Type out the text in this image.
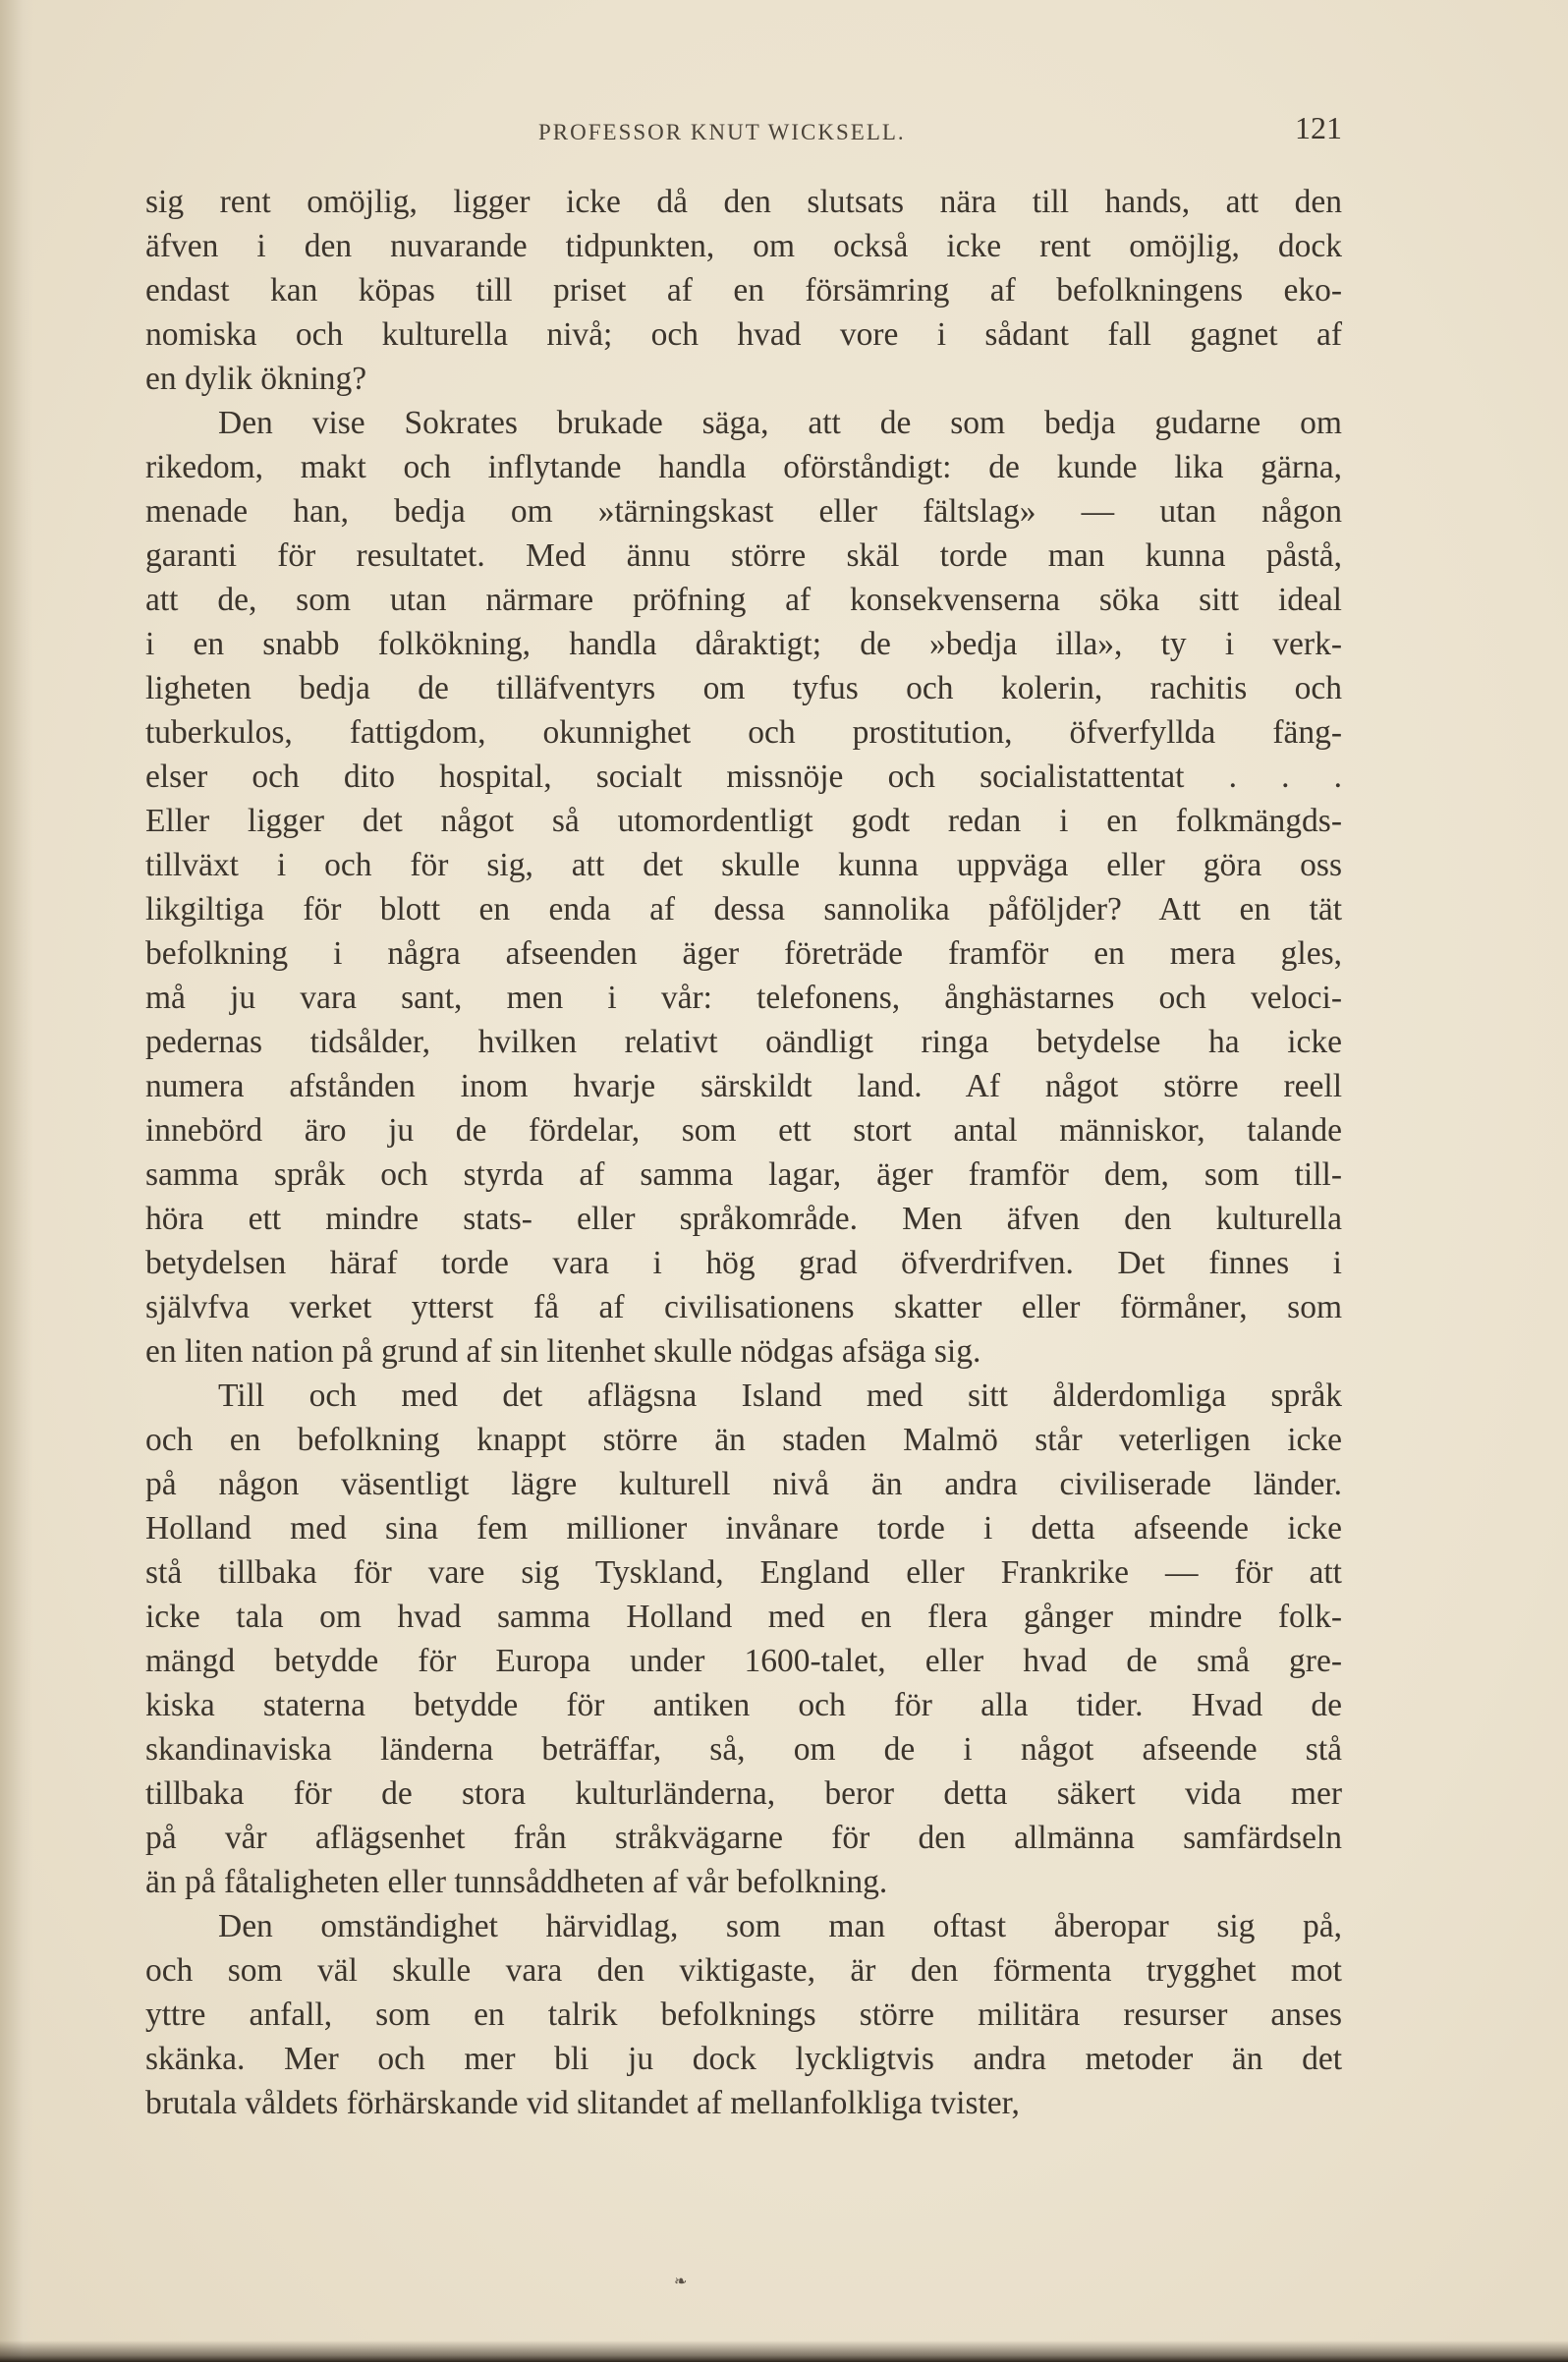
PROFESSOR KNUT WICKSELL.	121
sig rent omöjlig, ligger icke då den slutsats nära till hands, att den
äfven i den nuvarande tidpunkten, om också icke rent omöjlig, dock
endast kan köpas till priset af en försämring af befolkningens eko-
nomiska och kulturella nivå; och hvad vore i sådant fall gagnet af
en dylik ökning?
Den vise Sokrates brukade säga, att de som bedja gudarne om
rikedom, makt och inflytande handla oförståndigt: de kunde lika gärna,
menade han, bedja om »tärningskast eller fältslag» — utan någon
garanti för resultatet. Med ännu större skäl torde man kunna påstå,
att de, som utan närmare pröfning af konsekvenserna söka sitt ideal
i en snabb folkökning, handla dåraktigt; de »bedja illa», ty i verk-
ligheten bedja de tilläfventyrs om tyfus och kolerin, rachitis och
tuberkulos, fattigdom, okunnighet och prostitution, öfverfyllda fäng-
elser och dito hospital, socialt missnöje och socialistattentat . . .
Eller ligger det något så utomordentligt godt redan i en folkmängds-
tillväxt i och för sig, att det skulle kunna uppväga eller göra oss
likgiltiga för blott en enda af dessa sannolika påföljder? Att en tät
befolkning i några afseenden äger företräde framför en mera gles,
må ju vara sant, men i vår: telefonens, ånghästarnes och veloci-
pedernas tidsålder, hvilken relativt oändligt ringa betydelse ha icke
numera afstånden inom hvarje särskildt land. Af något större reell
innebörd äro ju de fördelar, som ett stort antal människor, talande
samma språk och styrda af samma lagar, äger framför dem, som till-
höra ett mindre stats- eller språkområde. Men äfven den kulturella
betydelsen häraf torde vara i hög grad öfverdrifven. Det finnes i
självfva verket ytterst få af civilisationens skatter eller förmåner, som
en liten nation på grund af sin litenhet skulle nödgas afsäga sig.
Till och med det aflägsna Island med sitt ålderdomliga språk
och en befolkning knappt större än staden Malmö står veterligen icke
på någon väsentligt lägre kulturell nivå än andra civiliserade länder.
Holland med sina fem millioner invånare torde i detta afseende icke
stå tillbaka för vare sig Tyskland, England eller Frankrike — för att
icke tala om hvad samma Holland med en flera gånger mindre folk-
mängd betydde för Europa under 1600-talet, eller hvad de små gre-
kiska staterna betydde för antiken och för alla tider. Hvad de
skandinaviska länderna beträffar, så, om de i något afseende stå
tillbaka för de stora kulturländerna, beror detta säkert vida mer
på vår aflägsenhet från stråkvägarne för den allmänna samfärdseln
än på fåtaligheten eller tunnsåddheten af vår befolkning.
Den omständighet härvidlag, som man oftast åberopar sig på,
och som väl skulle vara den viktigaste, är den förmenta trygghet mot
yttre anfall, som en talrik befolknings större militära resurser anses
skänka. Mer och mer bli ju dock lyckligtvis andra metoder än det
brutala våldets förhärskande vid slitandet af mellanfolkliga tvister,
❧
